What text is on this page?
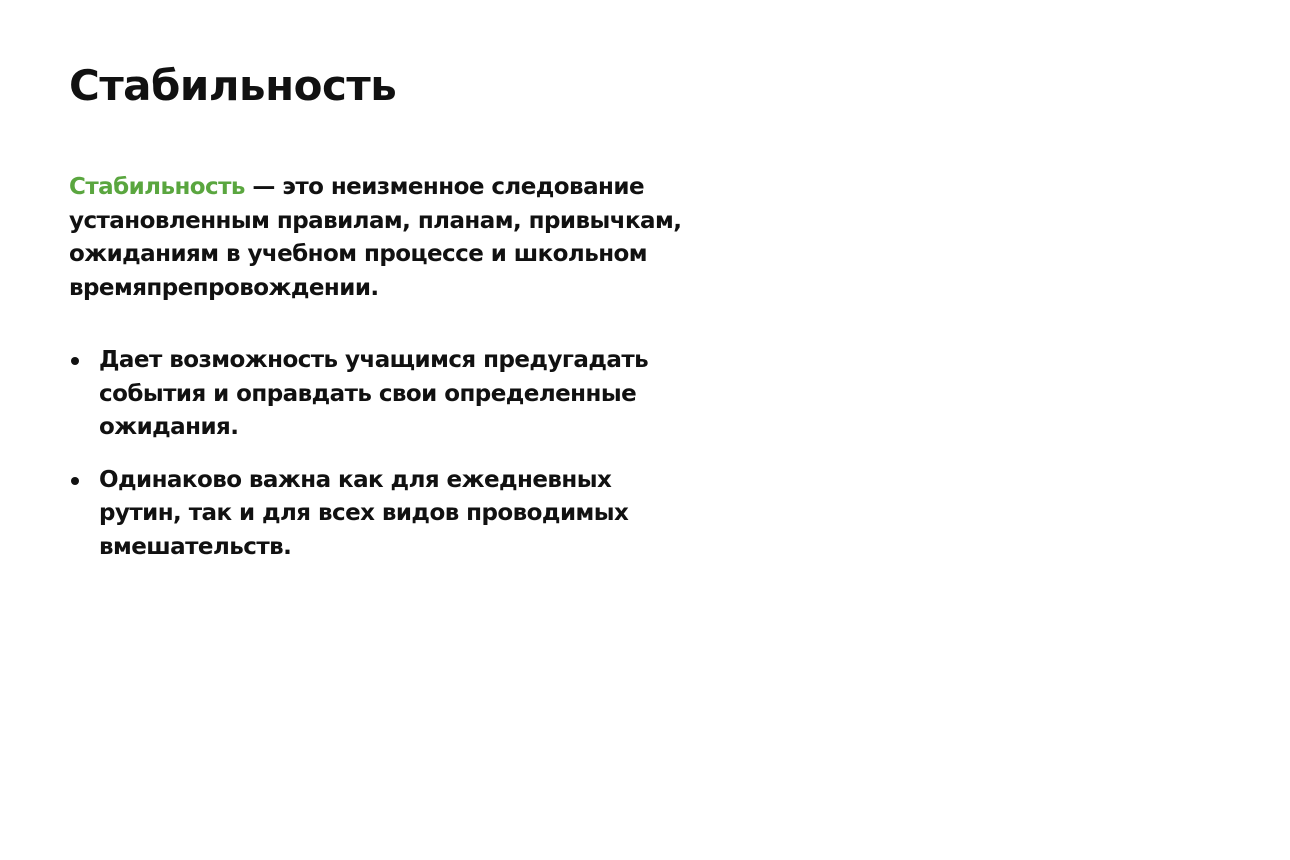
Стабильность

Стабильность — это неизменное следование установленным правилам, планам, привычкам, ожиданиям в учебном процессе и школьном времяпрепровождении.

Дает возможность учащимся предугадать события и оправдать свои определенные ожидания.
Одинаково важна как для ежедневных рутин, так и для всех видов проводимых вмешательств.
